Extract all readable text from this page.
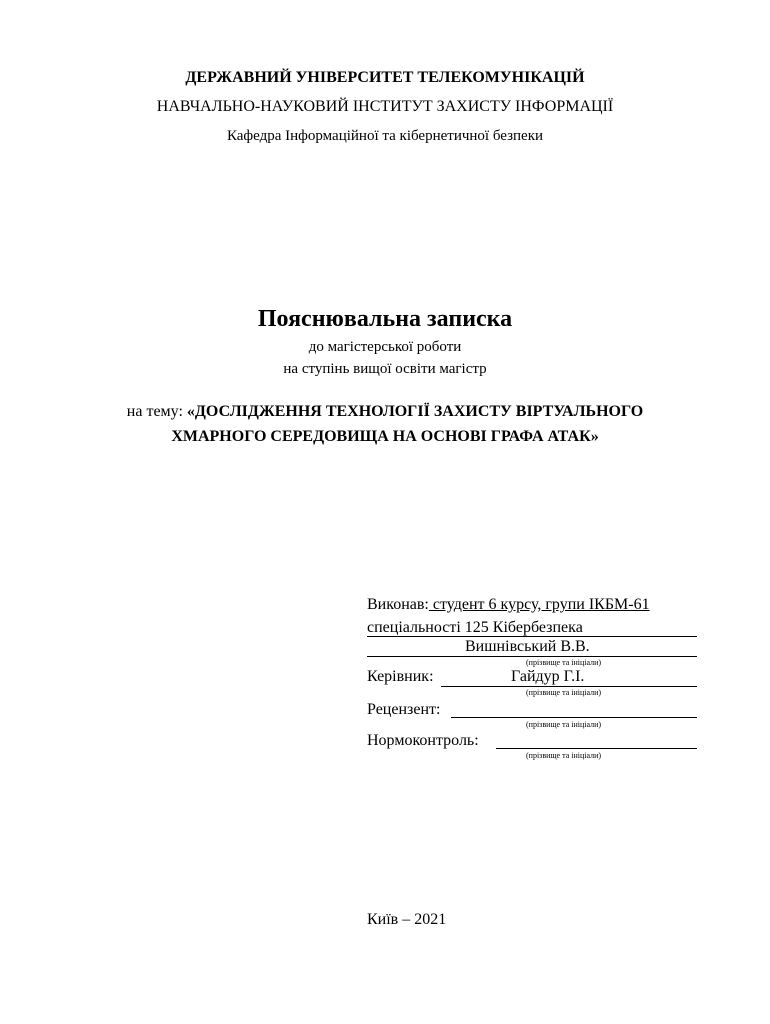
ДЕРЖАВНИЙ УНІВЕРСИТЕТ ТЕЛЕКОМУНІКАЦІЙ
НАВЧАЛЬНО-НАУКОВИЙ ІНСТИТУТ ЗАХИСТУ ІНФОРМАЦІЇ
Кафедра Інформаційної та кібернетичної безпеки
Пояснювальна записка
до магістерської роботи
на ступінь вищої освіти магістр
на тему: «ДОСЛІДЖЕННЯ ТЕХНОЛОГІЇ ЗАХИСТУ ВІРТУАЛЬНОГО
ХМАРНОГО СЕРЕДОВИЩА НА ОСНОВІ ГРАФА АТАК»
Виконав: студент 6 курсу, групи ІКБМ-61
спеціальності 125 Кібербезпека
Вишнівський В.В.
(прізвище та ініціали)
Керівник:	Гайдур Г.І.
(прізвище та ініціали)
Рецензент:
(прізвище та ініціали)
Нормоконтроль:
(прізвище та ініціали)
Київ – 2021
